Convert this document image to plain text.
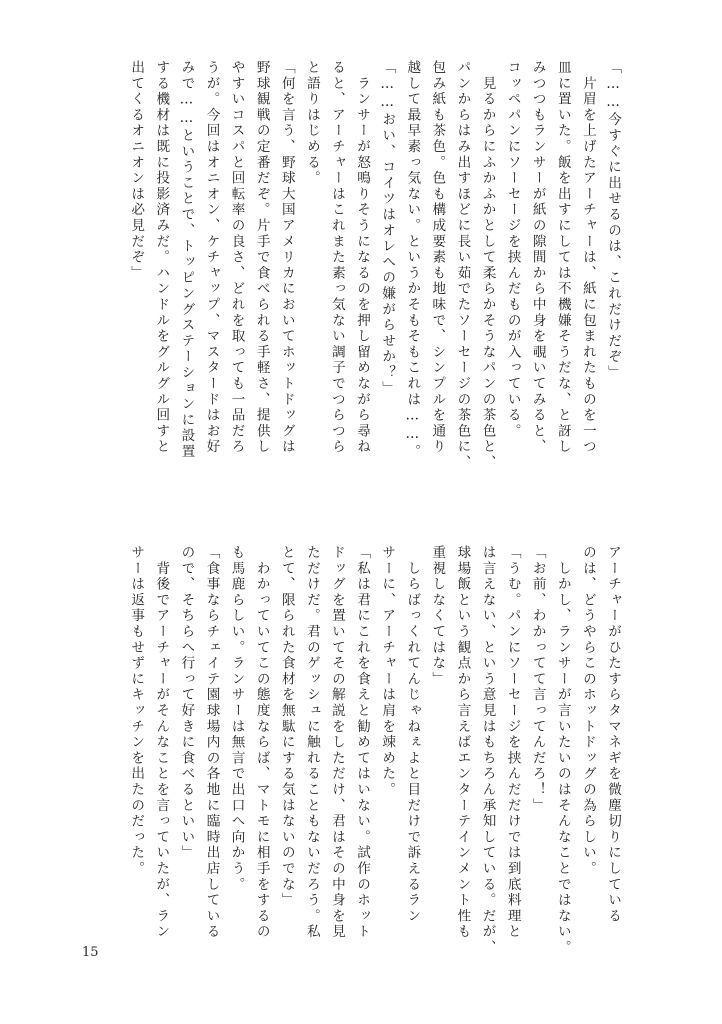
「……今すぐに出せるのは、これだけだぞ」

　片眉を上げたアーチャーは、紙に包まれたものを一つ

皿に置いた。飯を出すにしては不機嫌そうだな、と訝し

みつつもランサーが紙の隙間から中身を覗いてみると、

コッペパンにソーセージを挟んだものが入っている。

　見るからにふかふかとして柔らかそうなパンの茶色と、

パンからはみ出すほどに長い茹でたソーセージの茶色に、

包み紙も茶色。色も構成要素も地味で、シンプルを通り

越して最早素っ気ない。というかそもそもこれは……。

「……おい、コイツはオレへの嫌がらせか？」

　ランサーが怒鳴りそうになるのを押し留めながら尋ね

ると、アーチャーはこれまた素っ気ない調子でつらつら

と語りはじめる。

「何を言う、野球大国アメリカにおいてホットドッグは

野球観戦の定番だぞ。片手で食べられる手軽さ、提供し

やすいコスパと回転率の良さ、どれを取っても一品だろ

うが。今回はオニオン、ケチャップ、マスタードはお好

みで……ということで、トッピングステーションに設置

する機材は既に投影済みだ。ハンドルをグルグル回すと

出てくるオニオンは必見だぞ」

アーチャーがひたすらタマネギを微塵切りにしている

のは、どうやらこのホットドッグの為らしい。

　しかし、ランサーが言いたいのはそんなことではない。

「お前、わかってて言ってんだろ！」

「うむ。パンにソーセージを挟んだだけでは到底料理と

は言えない、という意見はもちろん承知している。だが、

球場飯という観点から言えばエンターテインメント性も

重視しなくてはな」

　しらばっくれてんじゃねぇよと目だけで訴えるラン

サーに、アーチャーは肩を竦めた。

「私は君にこれを食えと勧めてはいない。試作のホット

ドッグを置いてその解説をしただけ、君はその中身を見

ただけだ。君のゲッシュに触れることもないだろう。私

とて、限られた食材を無駄にする気はないのでな」

　わかっていてこの態度ならば、マトモに相手をするの

も馬鹿らしい。ランサーは無言で出口へ向かう。

「食事ならチェイテ園球場内の各地に臨時出店している

ので、そちらへ行って好きに食べるといい」

　背後でアーチャーがそんなことを言っていたが、ラン

サーは返事もせずにキッチンを出たのだった。

15
